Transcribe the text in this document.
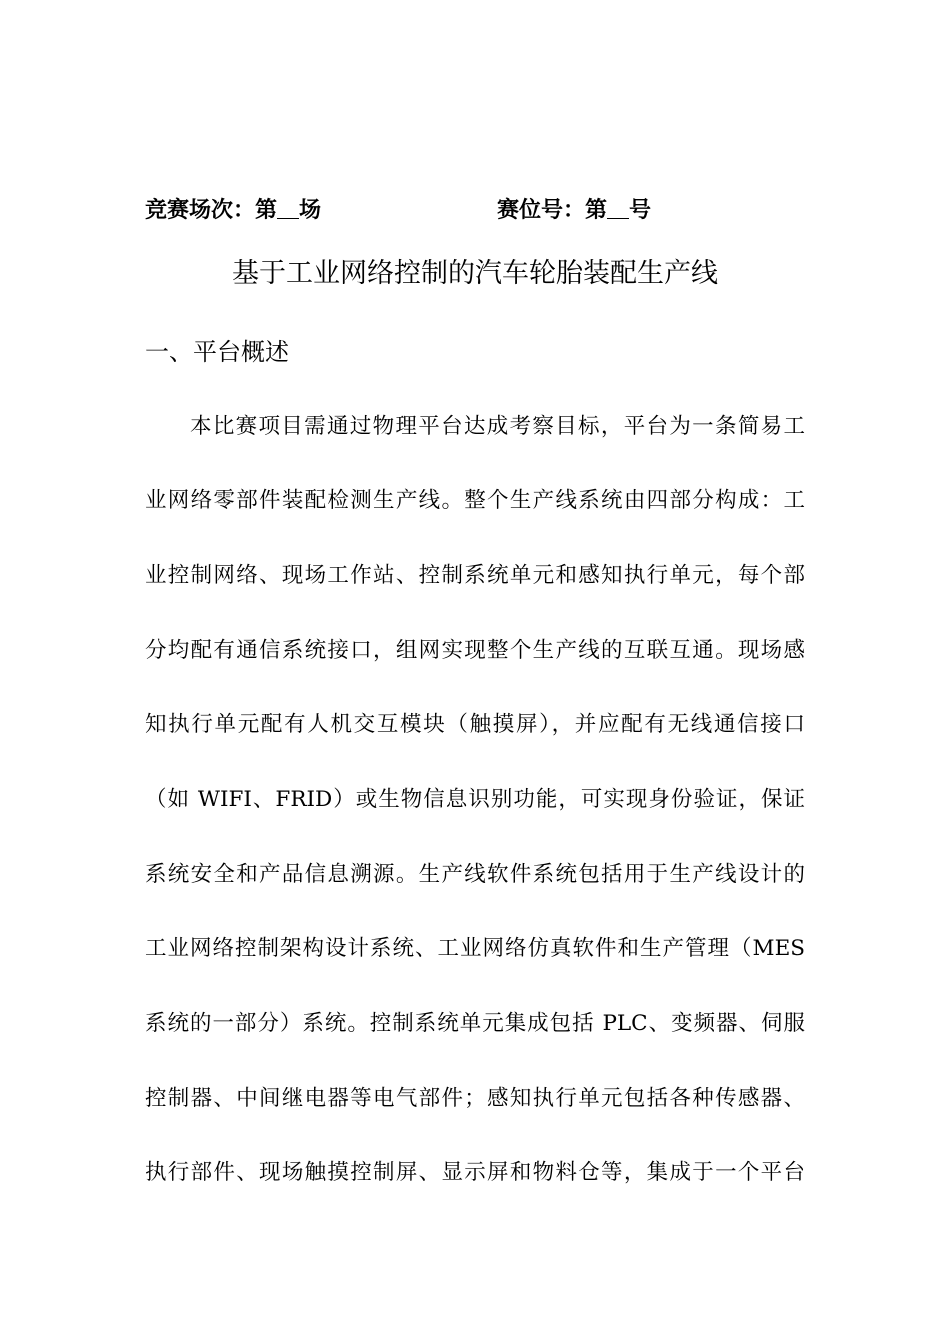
竞赛场次：第 场	赛位号：第 号
基于工业网络控制的汽车轮胎装配生产线
一、平台概述
本比赛项目需通过物理平台达成考察目标，平台为一条简易工
业网络零部件装配检测生产线。整个生产线系统由四部分构成：工
业控制网络、现场工作站、控制系统单元和感知执行单元，每个部
分均配有通信系统接口，组网实现整个生产线的互联互通。现场感
知执行单元配有人机交互模块（触摸屏），并应配有无线通信接口
（如 WIFI、FRID）或生物信息识别功能，可实现身份验证，保证
系统安全和产品信息溯源。生产线软件系统包括用于生产线设计的
工业网络控制架构设计系统、工业网络仿真软件和生产管理（MES
系统的一部分）系统。控制系统单元集成包括 PLC、变频器、伺服
控制器、中间继电器等电气部件；感知执行单元包括各种传感器、
执行部件、现场触摸控制屏、显示屏和物料仓等，集成于一个平台
